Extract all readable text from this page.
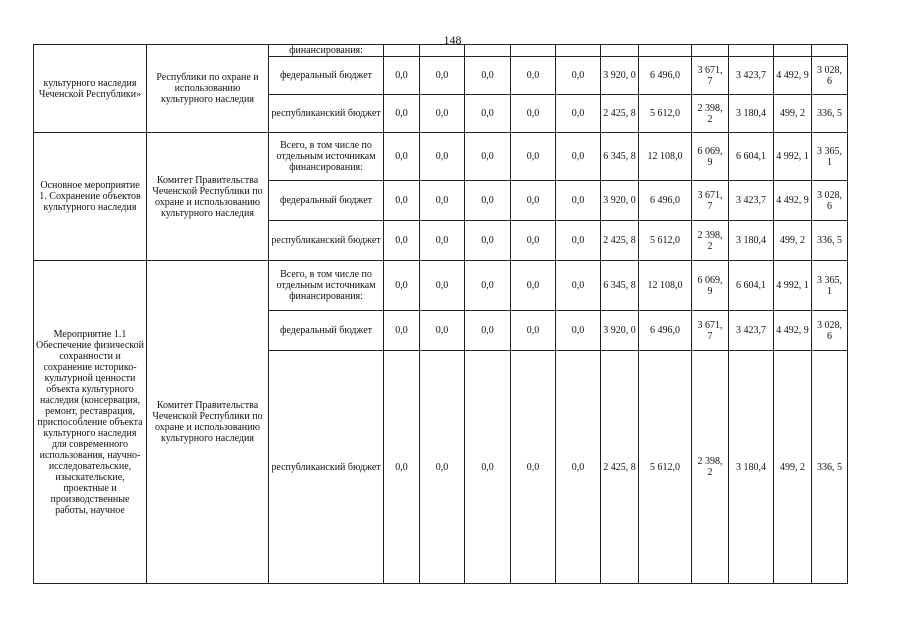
148
культурного наследия Чеченской Республики»	Республики по охране и использованию культурного наследия	финансирования:											
		федеральный бюджет	0,0	0,0	0,0	0,0	0,0	3 920, 0	6 496,0	3 671, 7	3 423,7	4 492, 9	3 028, 6
		республиканский бюджет	0,0	0,0	0,0	0,0	0,0	2 425, 8	5 612,0	2 398, 2	3 180,4	499, 2	336, 5
Основное мероприятие 1. Сохранение объектов культурного наследия	Комитет Правительства Чеченской Республики по охране и использованию культурного наследия	Всего, в том числе по отдельным источникам финансирования:	0,0	0,0	0,0	0,0	0,0	6 345, 8	12 108,0	6 069, 9	6 604,1	4 992, 1	3 365, 1
		федеральный бюджет	0,0	0,0	0,0	0,0	0,0	3 920, 0	6 496,0	3 671, 7	3 423,7	4 492, 9	3 028, 6
		республиканский бюджет	0,0	0,0	0,0	0,0	0,0	2 425, 8	5 612,0	2 398, 2	3 180,4	499, 2	336, 5
Мероприятие 1.1 Обеспечение физической сохранности и сохранение историко-культурной ценности объекта культурного наследия (консервация, ремонт, реставрация, приспособление объекта культурного наследия для современного использования, научно-исследовательские, изыскательские, проектные и производственные работы, научное	Комитет Правительства Чеченской Республики по охране и использованию культурного наследия	Всего, в том числе по отдельным источникам финансирования:	0,0	0,0	0,0	0,0	0,0	6 345, 8	12 108,0	6 069, 9	6 604,1	4 992, 1	3 365, 1
		федеральный бюджет	0,0	0,0	0,0	0,0	0,0	3 920, 0	6 496,0	3 671, 7	3 423,7	4 492, 9	3 028, 6
		республиканский бюджет	0,0	0,0	0,0	0,0	0,0	2 425, 8	5 612,0	2 398, 2	3 180,4	499, 2	336, 5
